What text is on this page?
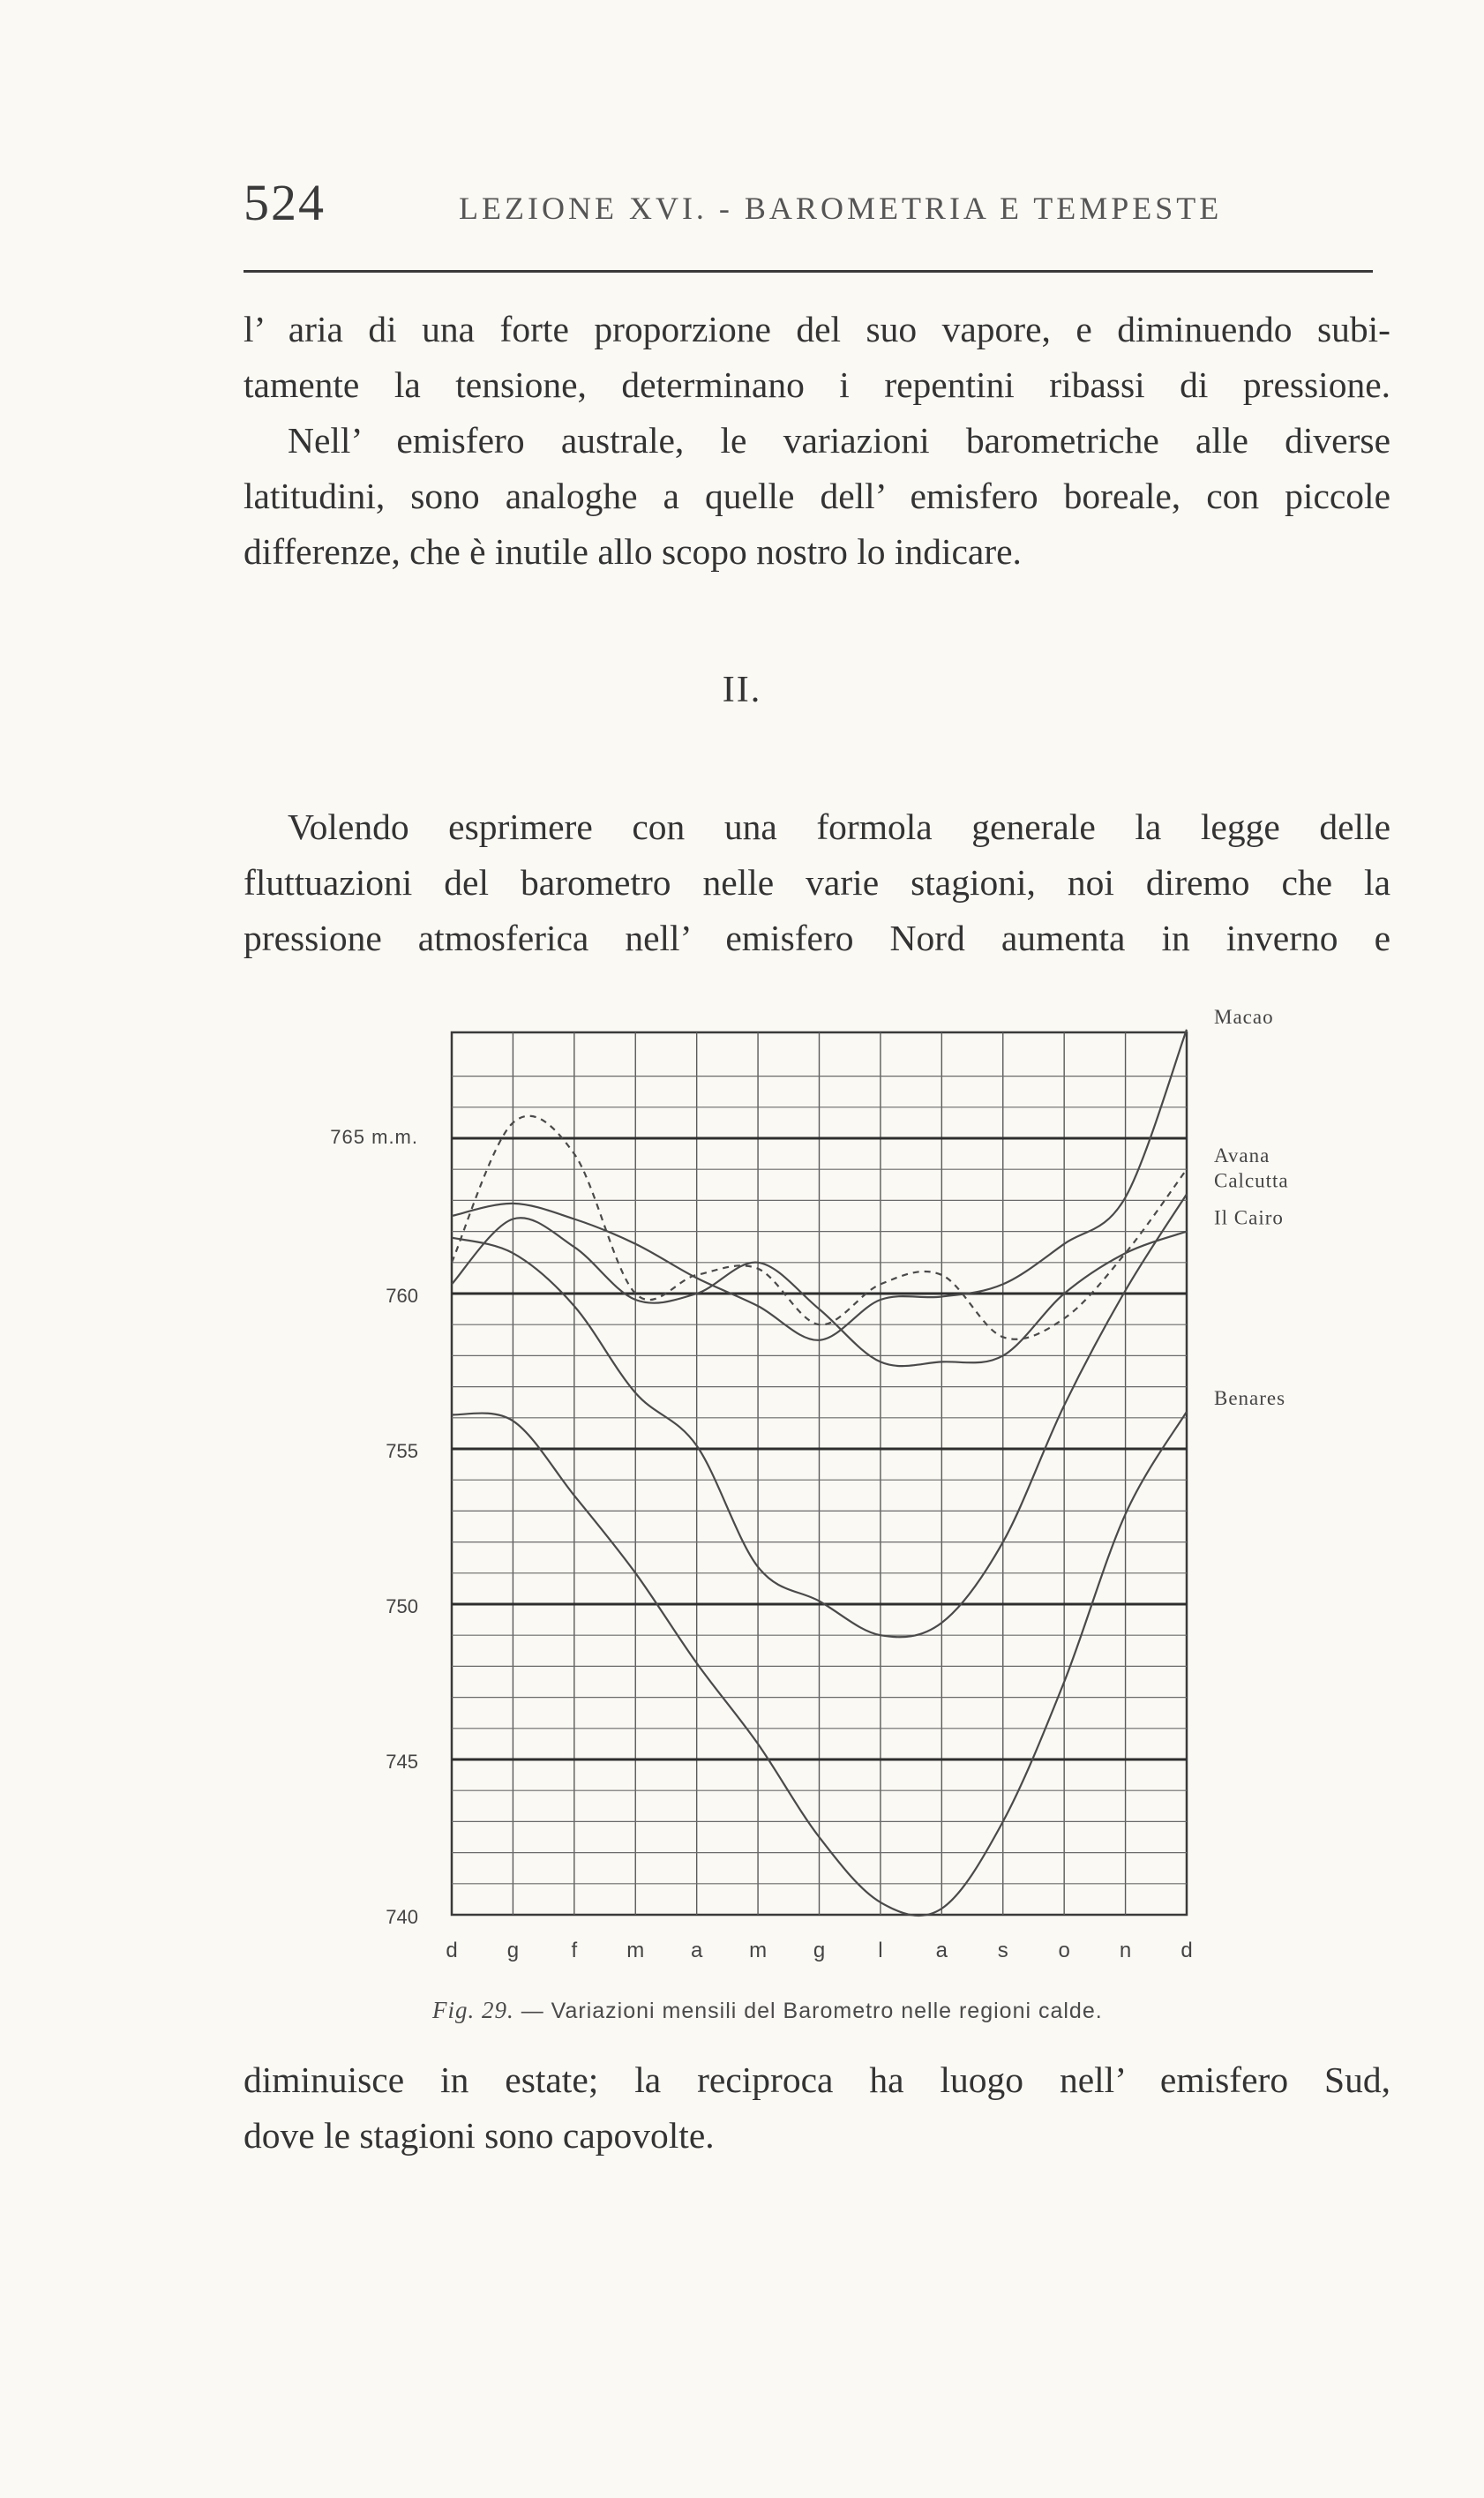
524	LEZIONE XVI. - BAROMETRIA E TEMPESTE

l’ aria di una forte proporzione del suo vapore, e diminuendo subi-

tamente la tensione, determinano i repentini ribassi di pressione.

Nell’ emisfero australe, le variazioni barometriche alle diverse
latitudini, sono analoghe a quelle dell’ emisfero boreale, con piccole
differenze, che è inutile allo scopo nostro lo indicare.

II.

Volendo esprimere con una formola generale la legge delle
fluttuazioni del barometro nelle varie stagioni, noi diremo che la
pressione atmosferica nell’ emisfero Nord aumenta in inverno e

765 m.m.
760
755
750
745
740
d g f m a m g	l	a s o n d
Macao
Avana
Il Cairo
Calcutta
Benares
Fig. 29. — Variazioni mensili del Barometro nelle regioni calde.

diminuisce in estate; la reciproca ha luogo nell’ emisfero Sud,
dove le stagioni sono capovolte.
